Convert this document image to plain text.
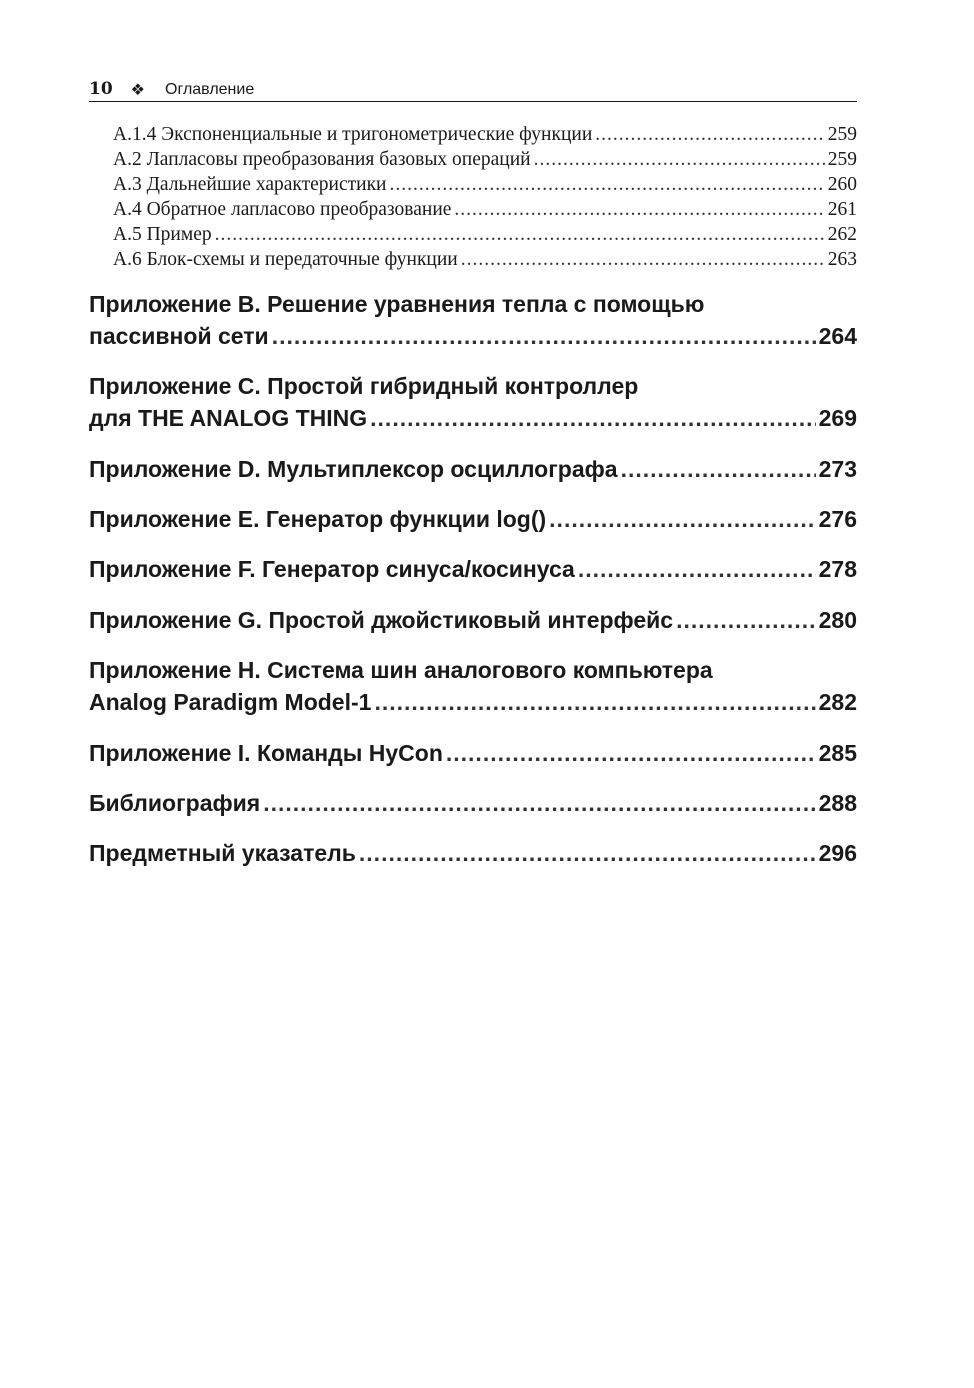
10 ❖ Оглавление
А.1.4 Экспоненциальные и тригонометрические функции .....	259
А.2 Лапласовы преобразования базовых операций .....	259
А.3 Дальнейшие характеристики .....	260
А.4 Обратное лапласово преобразование .....	261
А.5 Пример .....	262
А.6 Блок-схемы и передаточные функции .....	263
Приложение B. Решение уравнения тепла с помощью
пассивной сети .....	264
Приложение C. Простой гибридный контроллер
для THE ANALOG THING .....	269
Приложение D. Мультиплексор осциллографа .....	273
Приложение E. Генератор функции log() .....	276
Приложение F. Генератор синуса/косинуса .....	278
Приложение G. Простой джойстиковый интерфейс .....	280
Приложение H. Система шин аналогового компьютера
Analog Paradigm Model-1 .....	282
Приложение I. Команды HyCon .....	285
Библиография .....	288
Предметный указатель .....	296
